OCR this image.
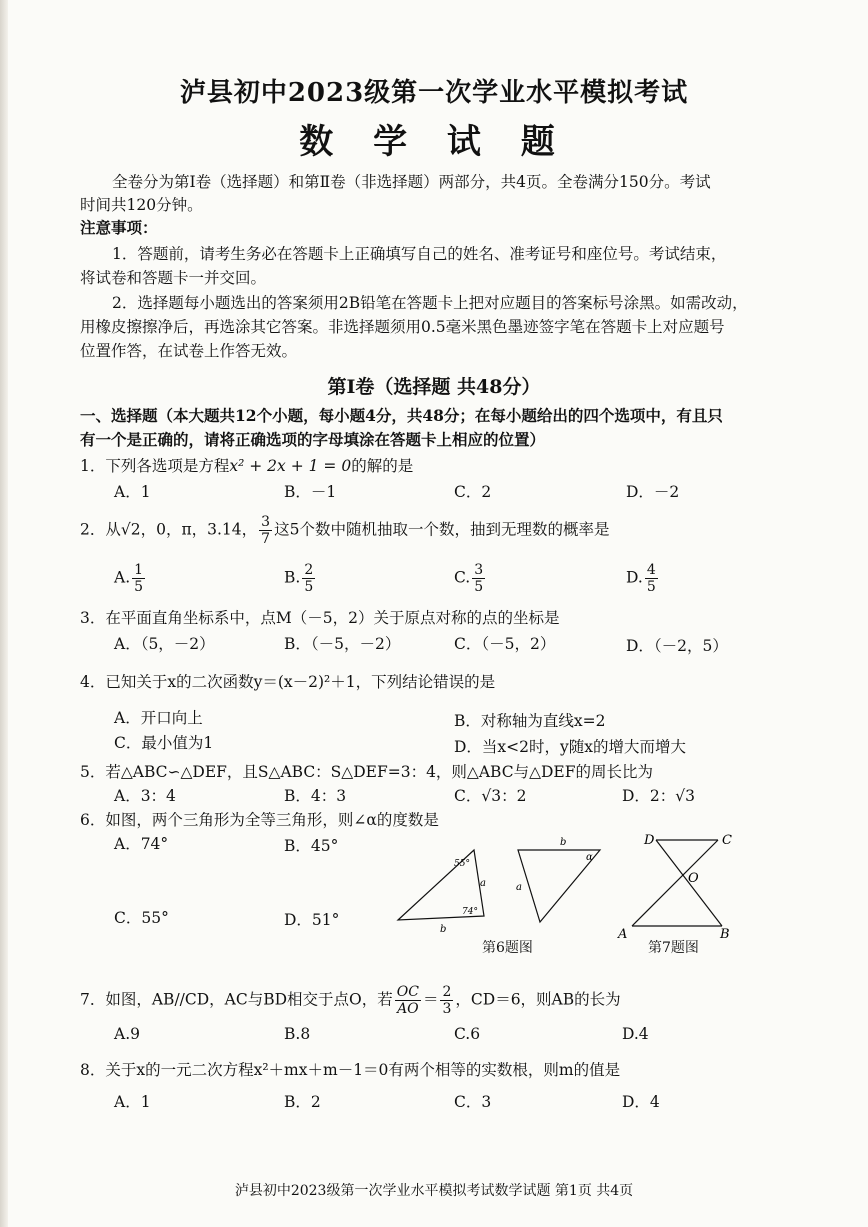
泸县初中2023级第一次学业水平模拟考试
数 学 试 题
全卷分为第Ⅰ卷（选择题）和第Ⅱ卷（非选择题）两部分，共4页。全卷满分150分。考试
时间共120分钟。
注意事项：
1．答题前，请考生务必在答题卡上正确填写自己的姓名、准考证号和座位号。考试结束，
将试卷和答题卡一并交回。
2．选择题每小题选出的答案须用2B铅笔在答题卡上把对应题目的答案标号涂黑。如需改动，
用橡皮擦擦净后，再选涂其它答案。非选择题须用0.5毫米黑色墨迹签字笔在答题卡上对应题号
位置作答，在试卷上作答无效。
第Ⅰ卷（选择题 共48分）
一、选择题（本大题共12个小题，每小题4分，共48分；在每小题给出的四个选项中，有且只
有一个是正确的，请将正确选项的字母填涂在答题卡上相应的位置）
1．下列各选项是方程x² + 2x + 1 = 0的解的是
A．1	B．－1	C．2	D．－2
2．从√2，0，π，3.14， $\frac{3}{7}$ 这5个数中随机抽取一个数，抽到无理数的概率是
A. $\frac{1}{5}$	B. $\frac{2}{5}$	C. $\frac{3}{5}$	D. $\frac{4}{5}$
3．在平面直角坐标系中，点M（－5，2）关于原点对称的点的坐标是
A．（5，－2）	B．（－5，－2）	C．（－5，2）	D．（－2，5）
4．已知关于x的二次函数y＝(x－2)²＋1，下列结论错误的是
A．开口向上	B．对称轴为直线x=2
C．最小值为1	D．当x<2时，y随x的增大而增大
5．若△ABC∽△DEF，且S△ABC：S△DEF=3：4，则△ABC与△DEF的周长比为
A．3：4	B．4：3	C．√3：2	D．2：√3
6．如图，两个三角形为全等三角形，则∠α的度数是
A．74°	B．45°
C．55°	D．51°
55°
74°
a
b
b
a
α
第6题图
D	C
O
A	B
第7题图
7．如图，AB//CD，AC与BD相交于点O，若 $\frac{OC}{AO} = \frac{2}{3}$ ，CD＝6，则AB的长为
A.9	B.8	C.6	D.4
8．关于x的一元二次方程x²＋mx＋m－1＝0有两个相等的实数根，则m的值是
A．1	B．2	C．3	D．4
泸县初中2023级第一次学业水平模拟考试数学试题 第1页 共4页
